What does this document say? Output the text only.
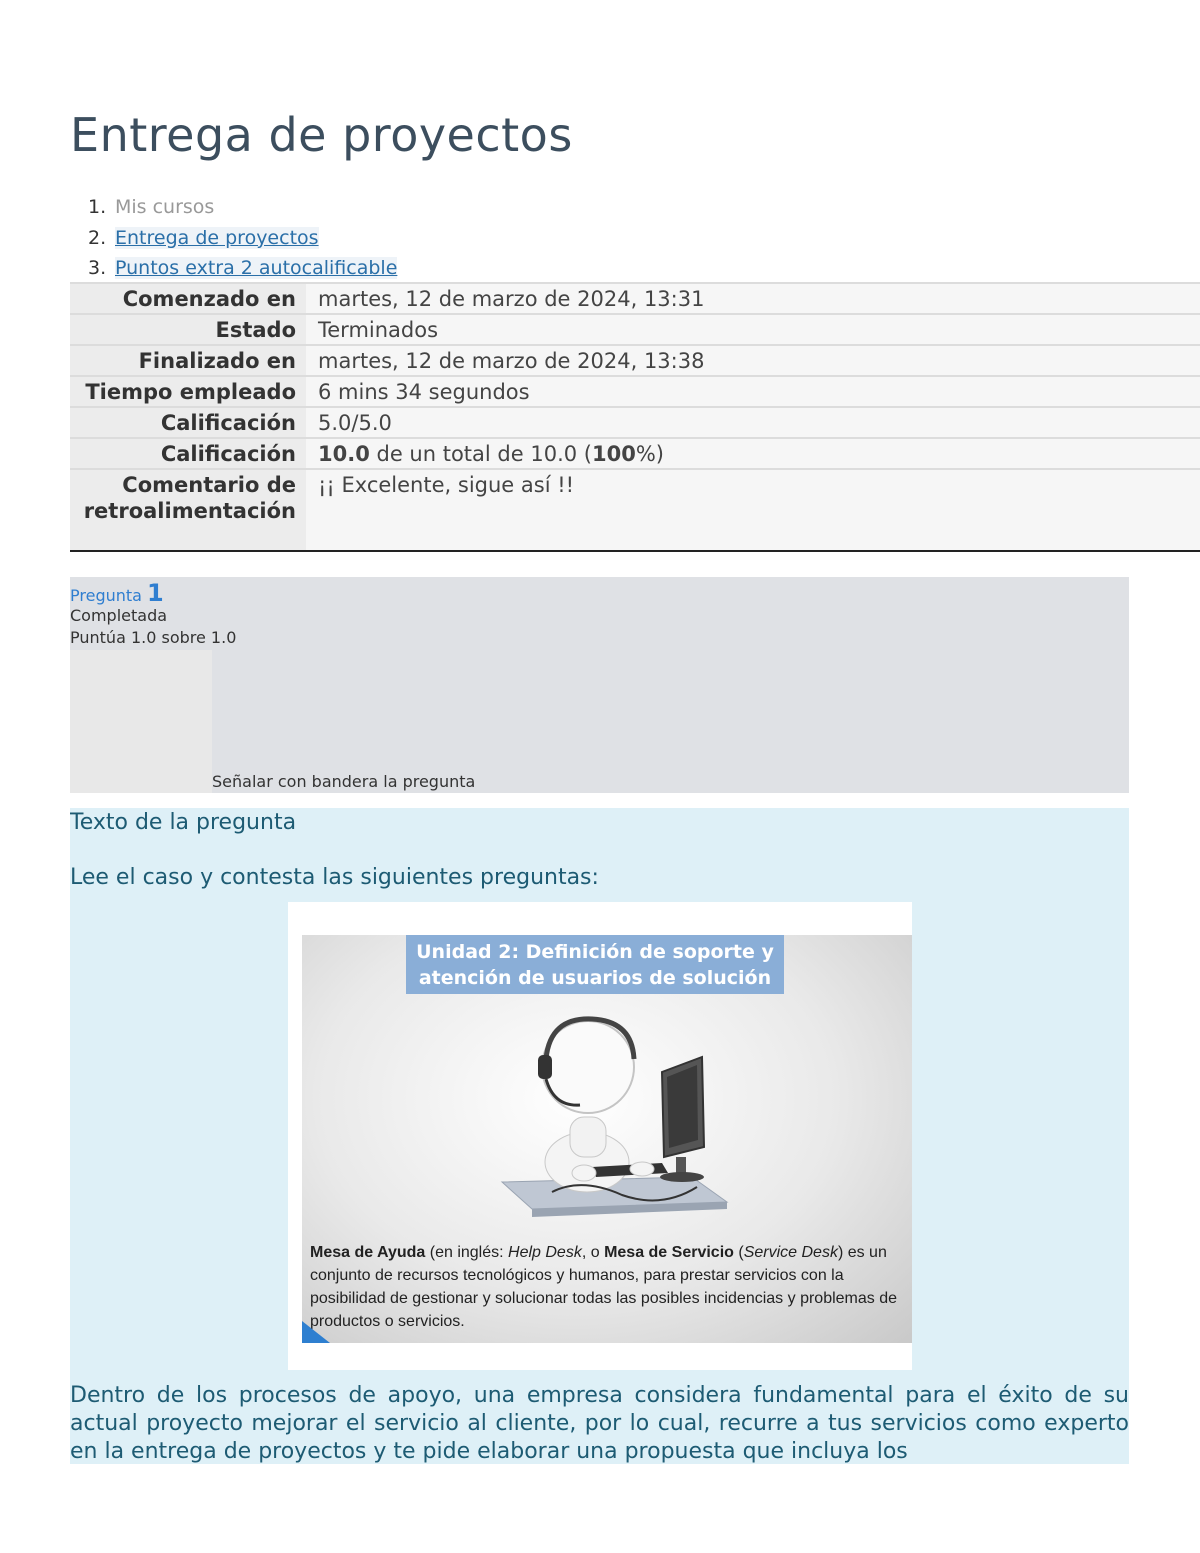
Entrega de proyectos
1. Mis cursos
2. Entrega de proyectos
3. Puntos extra 2 autocalificable
Comenzado en	martes, 12 de marzo de 2024, 13:31
Estado	Terminados
Finalizado en	martes, 12 de marzo de 2024, 13:38
Tiempo empleado	6 mins 34 segundos
Calificación	5.0/5.0
Calificación	10.0 de un total de 10.0 (100%)
Comentario de retroalimentación	¡¡ Excelente, sigue así !!
Pregunta 1
Completada
Puntúa 1.0 sobre 1.0
Señalar con bandera la pregunta
Texto de la pregunta
Lee el caso y contesta las siguientes preguntas:
Unidad 2: Definición de soporte y
atención de usuarios de solución
Mesa de Ayuda (en inglés: Help Desk, o Mesa de Servicio (Service Desk) es un conjunto de recursos tecnológicos y humanos, para prestar servicios con la posibilidad de gestionar y solucionar todas las posibles incidencias y problemas de productos o servicios.
Dentro de los procesos de apoyo, una empresa considera fundamental para el éxito de su actual proyecto mejorar el servicio al cliente, por lo cual, recurre a tus servicios como experto en la entrega de proyectos y te pide elaborar una propuesta que incluya los
